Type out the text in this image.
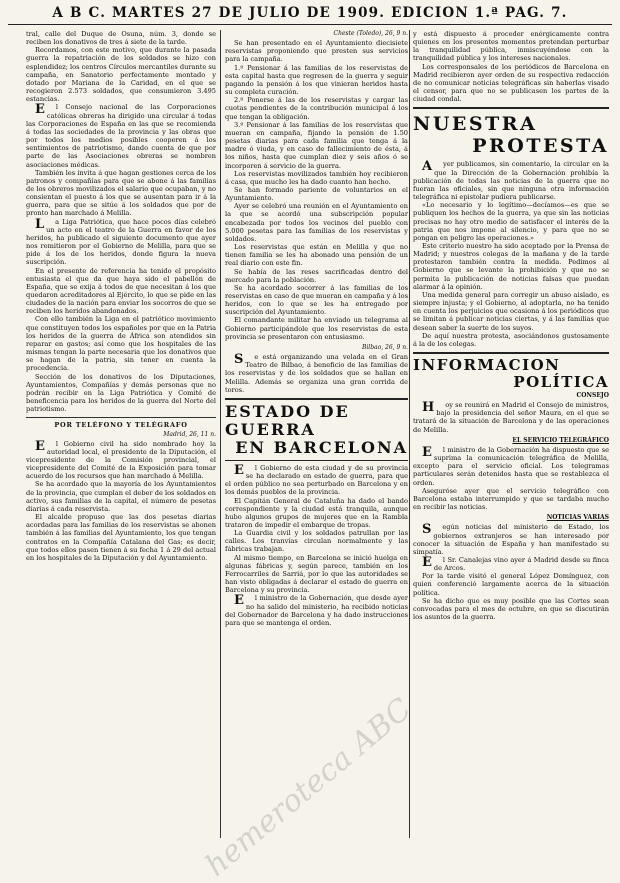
A B C. MARTES 27 DE JULIO DE 1909. EDICION 1.ª PAG. 7.

tral, calle del Duque de Osuna, núm. 3, donde se reciben los donativos de tres á siete de la tarde.

Recordamos, con este motivo, que durante la pasada guerra la repatriación de los soldados se hizo con esplendidez; los centros Círculos mercantiles durante su campaña, en Sanatorio perfectamente montado y dotado por Mariana de la Caridad, en el que se recogieron 2.573 soldados, que consumieron 3.495 estancias.

El Consejo nacional de las Corporaciones católicas obreras ha dirigido una circular á todas las Corporaciones de España en las que se recomienda á todas las sociedades de la provincia y las obras que por todos los medios posibles cooperen á los sentimientos de patriotismo, dando cuenta de que por parte de las Asociaciones obreras se nombren asociaciones médicas.

También les invita á que hagan gestiones cerca de los patronos y compañías para que se abone á las familias de los obreros movilizados el salario que ocupaban, y no consientan el puesto á los que se ausentan para ir á la guerra, para que se sitúe á los soldados que por de pronto han marchado á Melilla.

La Liga Patriótica, que hace pocos días celebró un acto en el teatro de la Guerra en favor de los heridos, ha publicado el siguiente documento que ayer nos remitieron por el Gobierno de Melilla, para que se pide á los de los heridos, donde figura la nueva suscripción.

En el presente de referencia ha tenido el propósito entusiasta el que da que haya sido el pabellón de España, que se exija á todos de que necesitan á los que quedaron acreditadores al Ejército, lo que se pide en las ciudades de la nación para enviar los socorros de que se reciben los heridos abandonados.

Con ello también la Liga en el patriótico movimiento que constituyen todos los españoles por que en la Patria los heridos de la guerra de África son atendidos sin reparar en gastos; así como que los hospitales de las mismas tengan la parte necesaria que los donativos que se hagan de la patria, sin tener en cuenta la procedencia.

Sección de los donativos de los Diputaciones, Ayuntamientos, Compañías y demás personas que no podrán recibir en la Liga Patriótica y Comité de beneficencia para los heridos de la guerra del Norte del patriotismo.

POR TELÉFONO Y TELÉGRAFO
Madrid, 26, 11 n.

El Gobierno civil ha sido nombrado hoy la autoridad local, el presidente de la Diputación, el vicepresidente de la Comisión provincial, el vicepresidente del Comité de la Exposición para tomar acuerdo de los recursos que han marchado á Melilla.

Se ha acordado que la mayoría de los Ayuntamientos de la provincia, que cumplan el deber de los soldados en activo, sus familias de la capital, el número de pesetas diarias á cada reservista.

El alcalde propuso que las dos pesetas diarias acordadas para las familias de los reservistas se abonen también á las familias del Ayuntamiento, los que tengan contratos en la Compañía Catalana del Gas; es decir, que todos ellos pasen tienen á su fecha 1 á 29 del actual en los hospitales de la Diputación y del Ayuntamiento.

Cheste (Toledo), 26, 9 n.

Se han presentado en el Ayuntamiento diecisiete reservistas proponiendo que presten sus servicios para la campaña.

1.º Pensionar á las familias de los reservistas de esta capital hasta que regresen de la guerra y seguir pagando la pensión á los que vinieran heridos hasta su completa curación.

2.º Ponerse á las de los reservistas y cargar las cuotas pendientes de la contribución municipal á los que tengan la obligación.

3.º Pensionar á las familias de los reservistas que mueran en campaña, fijando la pensión de 1.50 pesetas diarias para cada familia que tenga á la madre ó viuda, y en caso de fallecimiento de ésta, á los niños, hasta que cumplan diez y seis años ó se incorporen á servicio de la guerra.

Los reservistas movilizados también hoy recibieron á casa, que mucho les ha dado cuanto han hecho.

Se han formado pariente de voluntarios en el Ayuntamiento.

Ayer se celebró una reunión en el Ayuntamiento en la que se acordó una subscripción popular encabezada por todos los vecinos del pueblo con 5.000 pesetas para las familias de los reservistas y soldados.

Los reservistas que están en Melilla y que no tienen familia se les ha abonado una pensión de un real diario con este fin.

Se había de las reses sacrificadas dentro del mercado para la población.

Se ha acordado socorrer á las familias de los reservistas en caso de que mueran en campaña y á los heridos, con lo que se les ha entregado por suscripción del Ayuntamiento.

El comandante militar ha enviado un telegrama al Gobierno participándole que los reservistas de esta provincia se presentaron con entusiasmo.

Bilbao, 26, 9 n.

Se está organizando una velada en el Gran Teatro de Bilbao, á beneficio de las familias de los reservistas y de los soldados que se hallan en Melilla. Además se organiza una gran corrida de toros.

ESTADO DE GUERRA
EN BARCELONA

El Gobierno de esta ciudad y de su provincia se ha declarado en estado de guerra, para que el orden público no sea perturbado en Barcelona y en los demás pueblos de la provincia.

El Capitán General de Cataluña ha dado el bando correspondiente y la ciudad está tranquila, aunque hubo algunos grupos de mujeres que en la Rambla trataron de impedir el embarque de tropas.

La Guardia civil y los soldados patrullan por las calles. Los tranvías circulan normalmente y las fábricas trabajan.

Al mismo tiempo, en Barcelona se inició huelga en algunas fábricas y, según parece, también en los Ferrocarriles de Sarriá, por lo que las autoridades se han visto obligadas á declarar el estado de guerra en Barcelona y su provincia.

El ministro de la Gobernación, que desde ayer no ha salido del ministerio, ha recibido noticias del Gobernador de Barcelona y ha dado instrucciones para que se mantenga el orden.

y está dispuesto á proceder enérgicamente contra quienes en los presentes momentos pretendan perturbar la tranquilidad pública, inmiscuyéndose con la tranquilidad pública y los intereses nacionales.

Los corresponsales de los periódicos de Barcelona en Madrid recibieron ayer orden de su respectiva redacción de no comunicar noticias telegráficas sin haberlas visado el censor, para que no se publicasen los partes de la ciudad condal.

NUESTRA
PROTESTA

Ayer publicamos, sin comentario, la circular en la que la Dirección de la Gobernación prohibía la publicación de todas las noticias de la guerra que no fueran las oficiales, sin que ninguna otra información telegráfica ni epistolar pudiera publicarse.

«Lo necesario y lo legítimo—decíamos—es que se publiquen los hechos de la guerra, ya que sin las noticias precisas no hay otro medio de satisfacer el interés de la patria que nos impone al silencio, y para que no se pongan en peligro las operaciones.»

Este criterio nuestro ha sido aceptado por la Prensa de Madrid; y nuestros colegas de la mañana y de la tarde protestaron también contra la medida. Pedimos al Gobierno que se levante la prohibición y que no se permita la publicación de noticias falsas que puedan alarmar á la opinión.

Una medida general para corregir un abuso aislado, es siempre injusta; y el Gobierno, al adoptarla, no ha tenido en cuenta los perjuicios que ocasiona á los periódicos que se limitan á publicar noticias ciertas, y á las familias que desean saber la suerte de los suyos.

De aquí nuestra protesta, asociándonos gustosamente á la de los colegas.

INFORMACION
POLÍTICA
CONSEJO

Hoy se reunirá en Madrid el Consejo de ministros, bajo la presidencia del señor Maura, en el que se tratará de la situación de Barcelona y de las operaciones de Melilla.

EL SERVICIO TELEGRÁFICO

El ministro de la Gobernación ha dispuesto que se suprima la comunicación telegráfica de Melilla, excepto para el servicio oficial. Los telegramas particulares serán detenidos hasta que se restablezca el orden.

Aseguróse ayer que el servicio telegráfico con Barcelona estaba interrumpido y que se tardaba mucho en recibir las noticias.

NOTICIAS VARIAS

Según noticias del ministerio de Estado, los gobiernos extranjeros se han interesado por conocer la situación de España y han manifestado su simpatía.

El Sr. Canalejas vino ayer á Madrid desde su finca de Arcos.

Por la tarde visitó el general López Domínguez, con quien conferenció largamente acerca de la situación política.

Se ha dicho que es muy posible que las Cortes sean convocadas para el mes de octubre, en que se discutirán los asuntos de la guerra.

hemeroteca ABC
